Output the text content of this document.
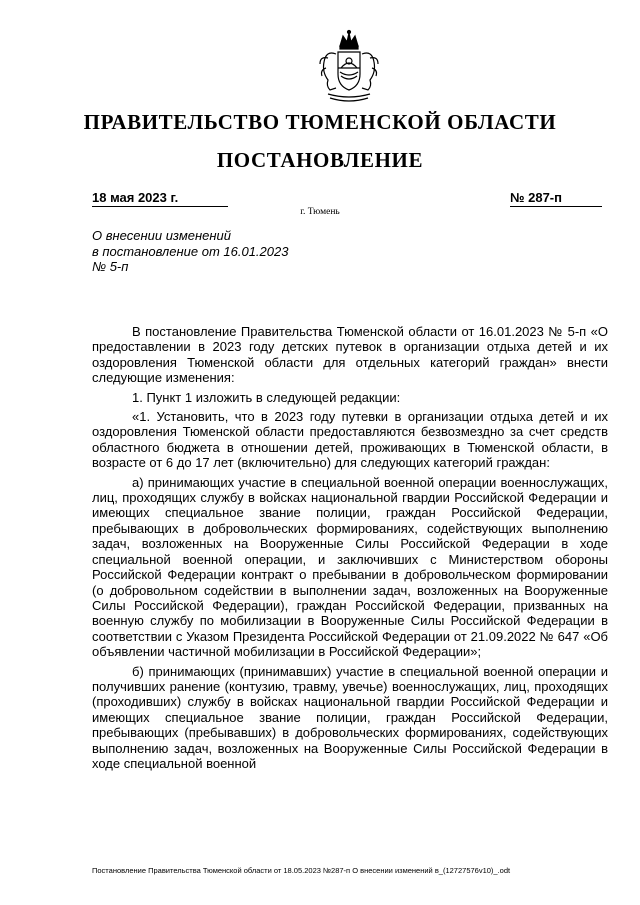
ПРАВИТЕЛЬСТВО ТЮМЕНСКОЙ ОБЛАСТИ
ПОСТАНОВЛЕНИЕ
18 мая 2023 г.	№ 287-п
г. Тюмень
О внесении изменений
в постановление от 16.01.2023
№ 5-п

В постановление Правительства Тюменской области от 16.01.2023 № 5-п «О предоставлении в 2023 году детских путевок в организации отдыха детей и их оздоровления Тюменской области для отдельных категорий граждан» внести следующие изменения:

1. Пункт 1 изложить в следующей редакции:

«1. Установить, что в 2023 году путевки в организации отдыха детей и их оздоровления Тюменской области предоставляются безвозмездно за счет средств областного бюджета в отношении детей, проживающих в Тюменской области, в возрасте от 6 до 17 лет (включительно) для следующих категорий граждан:

а) принимающих участие в специальной военной операции военнослужащих, лиц, проходящих службу в войсках национальной гвардии Российской Федерации и имеющих специальное звание полиции, граждан Российской Федерации, пребывающих в добровольческих формированиях, содействующих выполнению задач, возложенных на Вооруженные Силы Российской Федерации в ходе специальной военной операции, и заключивших с Министерством обороны Российской Федерации контракт о пребывании в добровольческом формировании (о добровольном содействии в выполнении задач, возложенных на Вооруженные Силы Российской Федерации), граждан Российской Федерации, призванных на военную службу по мобилизации в Вооруженные Силы Российской Федерации в соответствии с Указом Президента Российской Федерации от 21.09.2022 № 647 «Об объявлении частичной мобилизации в Российской Федерации»;

б) принимающих (принимавших) участие в специальной военной операции и получивших ранение (контузию, травму, увечье) военнослужащих, лиц, проходящих (проходивших) службу в войсках национальной гвардии Российской Федерации и имеющих специальное звание полиции, граждан Российской Федерации, пребывающих (пребывавших) в добровольческих формированиях, содействующих выполнению задач, возложенных на Вооруженные Силы Российской Федерации в ходе специальной военной

Постановление Правительства Тюменской области от 18.05.2023 №287-п О внесении изменений в_(12727576v10)_.odt
